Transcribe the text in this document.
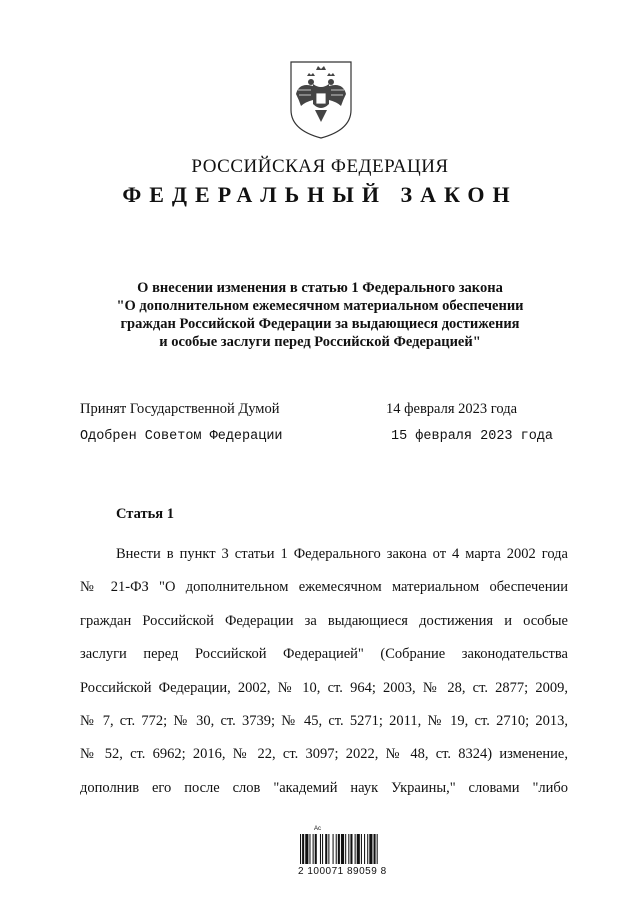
РОССИЙСКАЯ ФЕДЕРАЦИЯ
ФЕДЕРАЛЬНЫЙ ЗАКОН
О внесении изменения в статью 1 Федерального закона
"О дополнительном ежемесячном материальном обеспечении
граждан Российской Федерации за выдающиеся достижения
и особые заслуги перед Российской Федерацией"
Принят Государственной Думой	14 февраля 2023 года
Одобрен Советом Федерации	15 февраля 2023 года
Статья 1
Внести в пункт 3 статьи 1 Федерального закона от 4 марта 2002 года
№ 21-ФЗ "О дополнительном ежемесячном материальном обеспечении
граждан Российской Федерации за выдающиеся достижения и особые
заслуги перед Российской Федерацией" (Собрание законодательства
Российской Федерации, 2002, № 10, ст. 964; 2003, № 28, ст. 2877; 2009,
№ 7, ст. 772; № 30, ст. 3739; № 45, ст. 5271; 2011, № 19, ст. 2710; 2013,
№ 52, ст. 6962; 2016, № 22, ст. 3097; 2022, № 48, ст. 8324) изменение,
дополнив его после слов "академий наук Украины," словами "либо
Ac
2 100071 89059 8
